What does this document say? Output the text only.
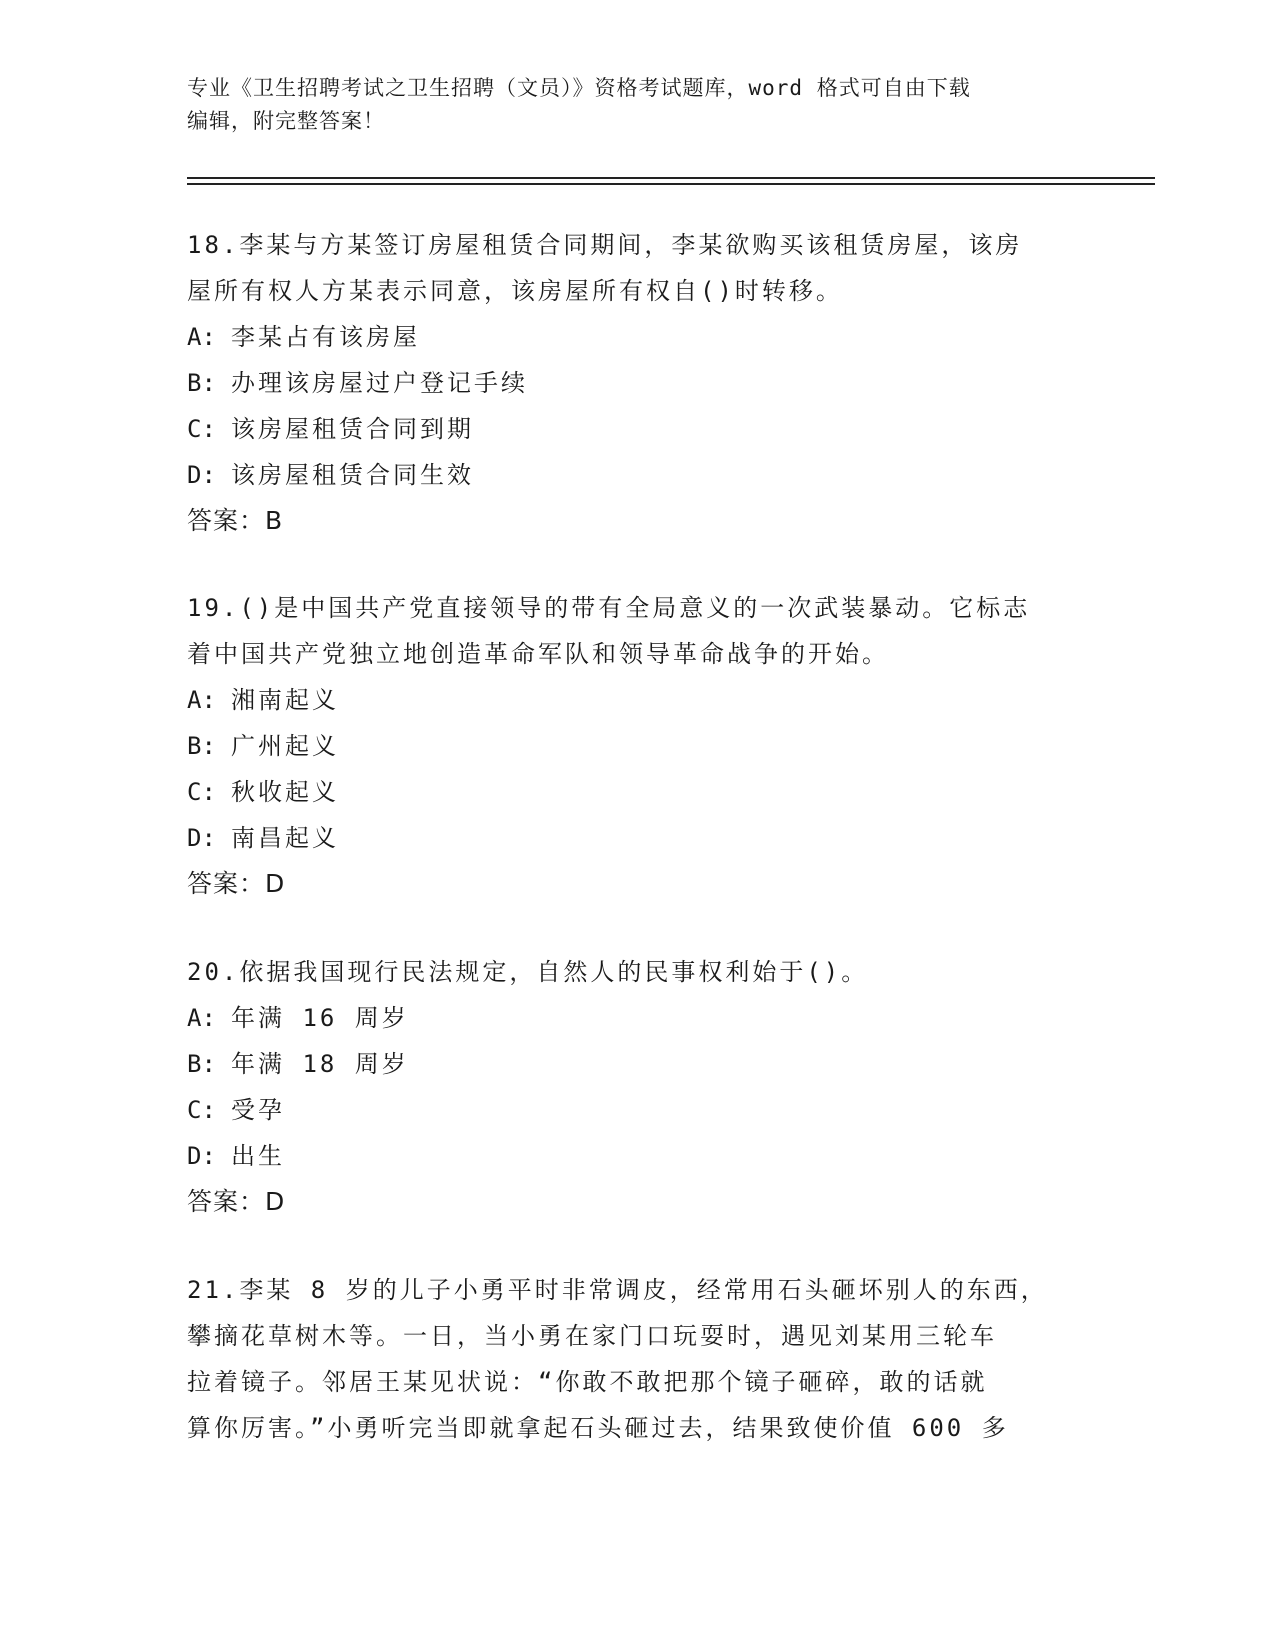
专业《卫生招聘考试之卫生招聘（文员）》资格考试题库，word 格式可自由下载
编辑，附完整答案！

18.李某与方某签订房屋租赁合同期间，李某欲购买该租赁房屋，该房

屋所有权人方某表示同意，该房屋所有权自()时转移。

A: 李某占有该房屋

B: 办理该房屋过户登记手续

C: 该房屋租赁合同到期

D: 该房屋租赁合同生效

答案：B

19.()是中国共产党直接领导的带有全局意义的一次武装暴动。它标志

着中国共产党独立地创造革命军队和领导革命战争的开始。

A: 湘南起义

B: 广州起义

C: 秋收起义

D: 南昌起义

答案：D

20.依据我国现行民法规定，自然人的民事权利始于()。

A: 年满 16 周岁

B: 年满 18 周岁

C: 受孕

D: 出生

答案：D

21.李某 8 岁的儿子小勇平时非常调皮，经常用石头砸坏别人的东西，

攀摘花草树木等。一日，当小勇在家门口玩耍时，遇见刘某用三轮车

拉着镜子。邻居王某见状说：“你敢不敢把那个镜子砸碎，敢的话就

算你厉害。”小勇听完当即就拿起石头砸过去，结果致使价值 600 多
